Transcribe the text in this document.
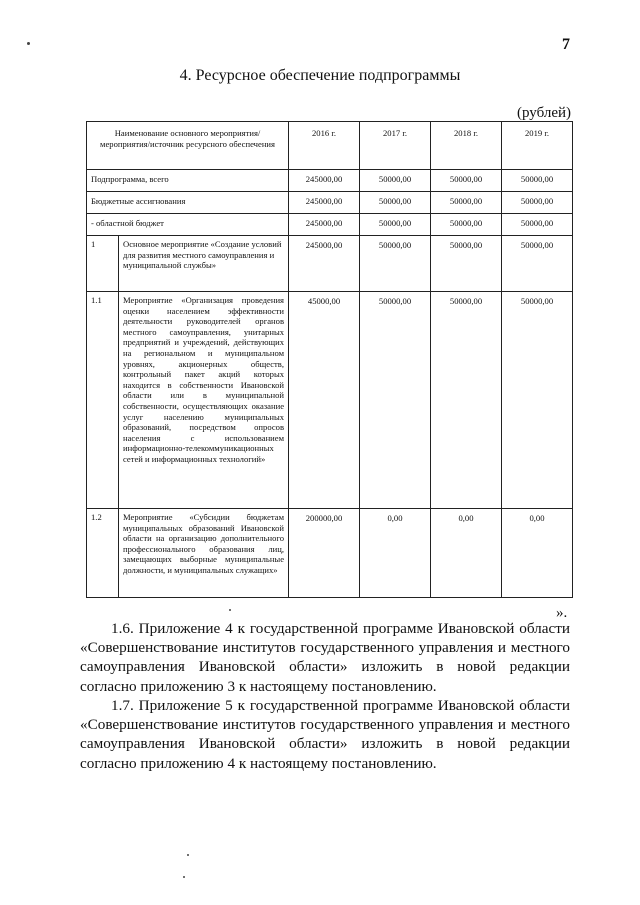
7
4. Ресурсное обеспечение подпрограммы
(рублей)
Наименование основного мероприятия/мероприятия/источник ресурсного обеспечения		2016 г.	2017 г.	2018 г.	2019 г.
Подпрограмма, всего		245000,00	50000,00	50000,00	50000,00
Бюджетные ассигнования		245000,00	50000,00	50000,00	50000,00
- областной бюджет		245000,00	50000,00	50000,00	50000,00
1	Основное мероприятие «Создание условий для развития местного самоуправления и муниципальной службы»	245000,00	50000,00	50000,00	50000,00
1.1	Мероприятие «Организация проведения оценки населением эффективности деятельности руководителей органов местного самоуправления, унитарных предприятий и учреждений, действующих на региональном и муниципальном уровнях, акционерных обществ, контрольный пакет акций которых находится в собственности Ивановской области или в муниципальной собственности, осуществляющих оказание услуг населению муниципальных образований, посредством опросов населения с использованием информационно-телекоммуникационных сетей и информационных технологий»	45000,00	50000,00	50000,00	50000,00
1.2	Мероприятие «Субсидии бюджетам муниципальных образований Ивановской области на организацию дополнительного профессионального образования лиц, замещающих выборные муниципальные должности, и муниципальных служащих»	200000,00	0,00	0,00	0,00
».

1.6. Приложение 4 к государственной программе Ивановской области «Совершенствование институтов государственного управления и местного самоуправления Ивановской области» изложить в новой редакции согласно приложению 3 к настоящему постановлению.

1.7. Приложение 5 к государственной программе Ивановской области «Совершенствование институтов государственного управления и местного самоуправления Ивановской области» изложить в новой редакции согласно приложению 4 к настоящему постановлению.
